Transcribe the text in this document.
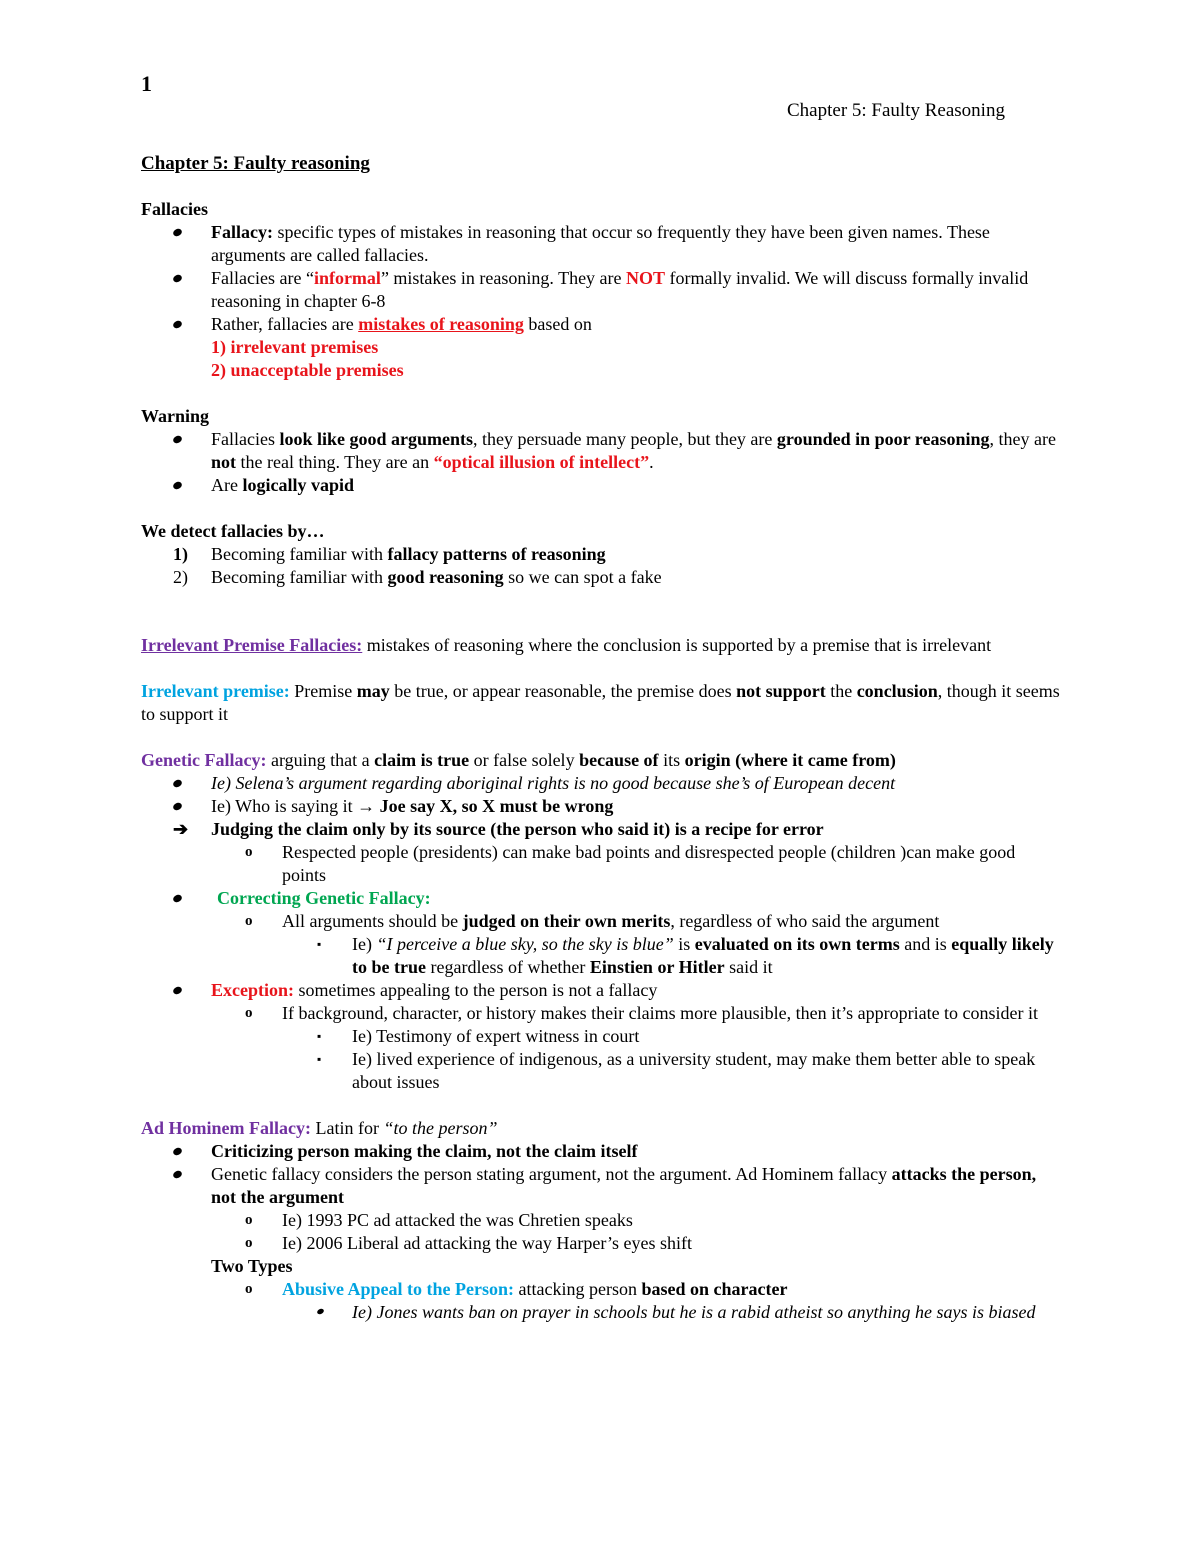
1
Chapter 5: Faulty Reasoning

Chapter 5: Faulty reasoning

Fallacies

Fallacy: specific types of mistakes in reasoning that occur so frequently they have been given names. These arguments are called fallacies.
Fallacies are “informal” mistakes in reasoning. They are NOT formally invalid. We will discuss formally invalid reasoning in chapter 6-8
Rather, fallacies are mistakes of reasoning based on
1) irrelevant premises
2) unacceptable premises

Warning

Fallacies look like good arguments, they persuade many people, but they are grounded in poor reasoning, they are not the real thing. They are an “optical illusion of intellect”.
Are logically vapid

We detect fallacies by…

1) Becoming familiar with fallacy patterns of reasoning
2) Becoming familiar with good reasoning so we can spot a fake

Irrelevant Premise Fallacies: mistakes of reasoning where the conclusion is supported by a premise that is irrelevant

Irrelevant premise: Premise may be true, or appear reasonable, the premise does not support the conclusion, though it seems to support it

Genetic Fallacy: arguing that a claim is true or false solely because of its origin (where it came from)

Ie) Selena’s argument regarding aboriginal rights is no good because she’s of European decent
Ie) Who is saying it → Joe say X, so X must be wrong
➔ Judging the claim only by its source (the person who said it) is a recipe for error
o Respected people (presidents) can make bad points and disrespected people (children )can make good points
Correcting Genetic Fallacy:
o All arguments should be judged on their own merits, regardless of who said the argument
▪ Ie) “I perceive a blue sky, so the sky is blue” is evaluated on its own terms and is equally likely to be true regardless of whether Einstien or Hitler said it
Exception: sometimes appealing to the person is not a fallacy
o If background, character, or history makes their claims more plausible, then it’s appropriate to consider it
▪ Ie) Testimony of expert witness in court
▪ Ie) lived experience of indigenous, as a university student, may make them better able to speak about issues

Ad Hominem Fallacy: Latin for “to the person”

Criticizing person making the claim, not the claim itself
Genetic fallacy considers the person stating argument, not the argument. Ad Hominem fallacy attacks the person, not the argument
o Ie) 1993 PC ad attacked the was Chretien speaks
o Ie) 2006 Liberal ad attacking the way Harper’s eyes shift

Two Types

o Abusive Appeal to the Person: attacking person based on character
Ie) Jones wants ban on prayer in schools but he is a rabid atheist so anything he says is biased
